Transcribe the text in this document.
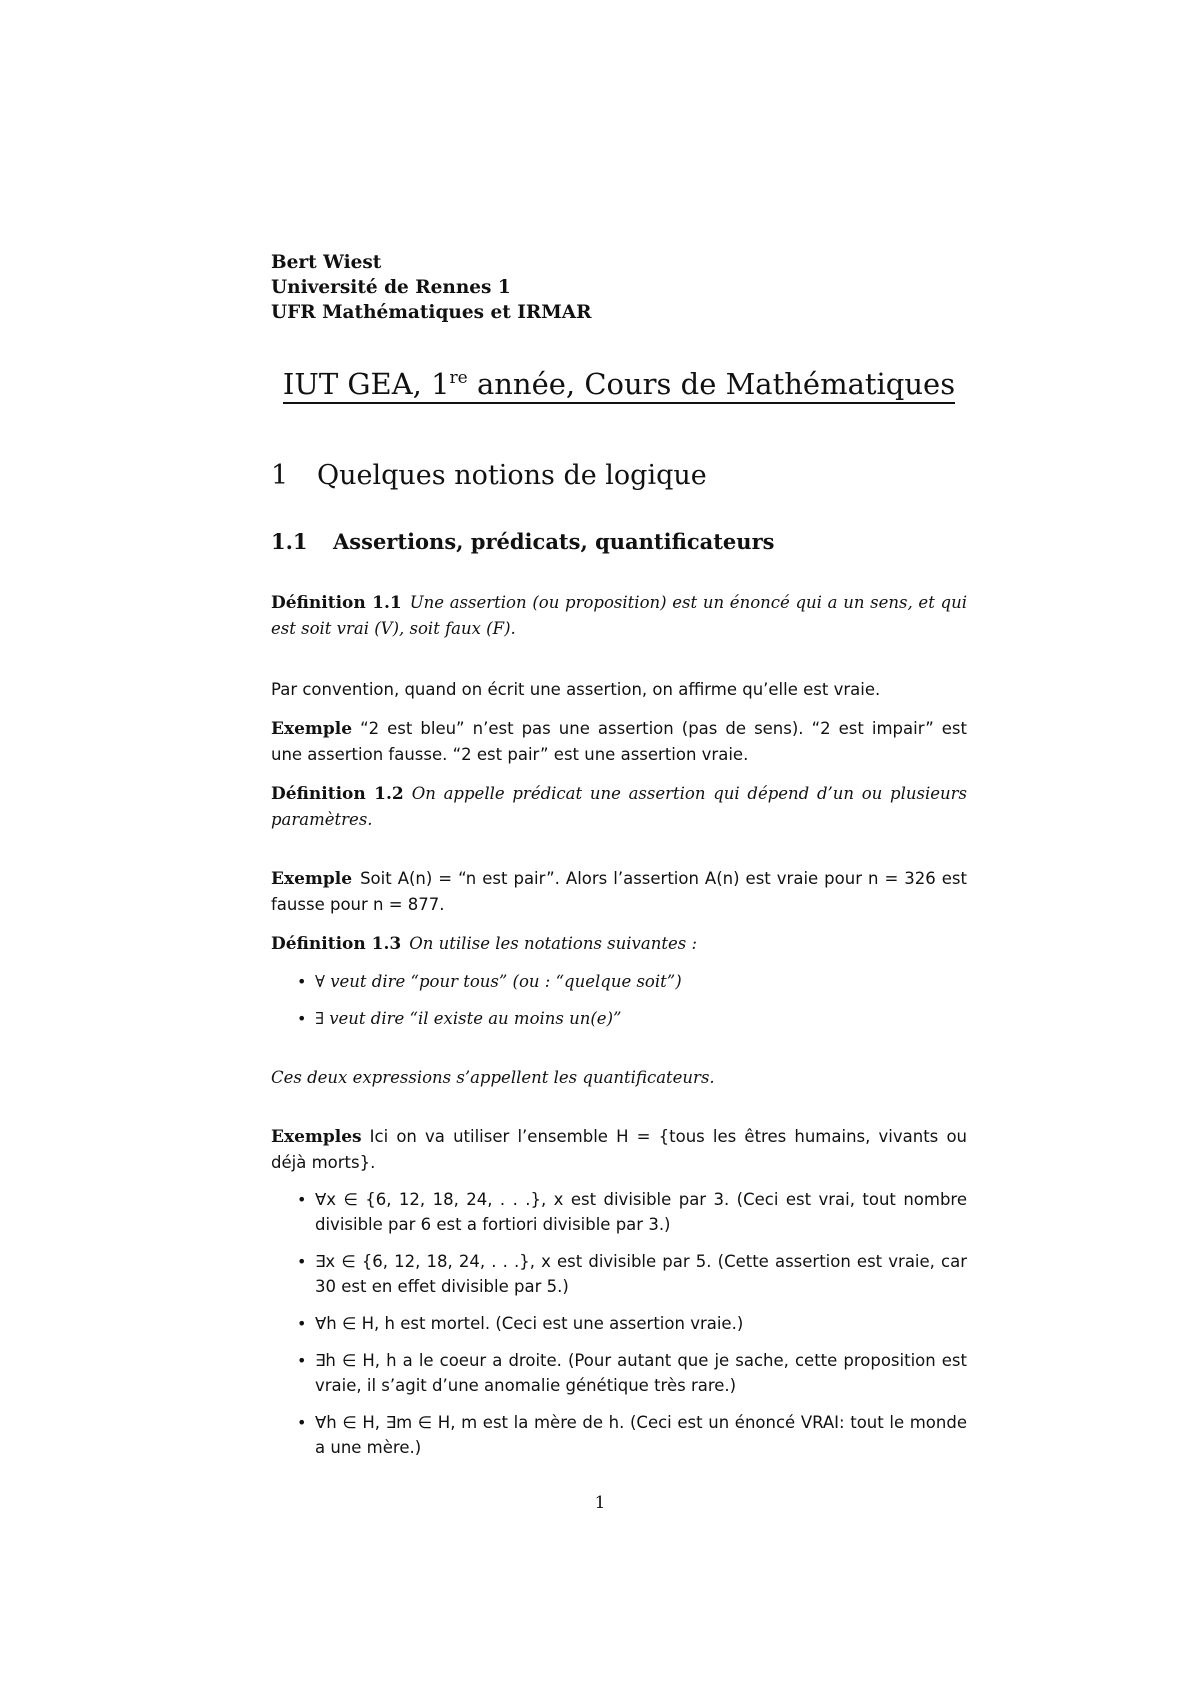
Bert Wiest
Université de Rennes 1
UFR Mathématiques et IRMAR
IUT GEA, 1re année, Cours de Mathématiques
1 Quelques notions de logique
1.1 Assertions, prédicats, quantificateurs

Définition 1.1 Une assertion (ou proposition) est un énoncé qui a un sens, et qui est soit vrai (V), soit faux (F).

Par convention, quand on écrit une assertion, on affirme qu’elle est vraie.

Exemple “2 est bleu” n’est pas une assertion (pas de sens). “2 est impair” est une assertion fausse. “2 est pair” est une assertion vraie.

Définition 1.2 On appelle prédicat une assertion qui dépend d’un ou plusieurs paramètres.

Exemple Soit A(n) = “n est pair”. Alors l’assertion A(n) est vraie pour n = 326 est fausse pour n = 877.

Définition 1.3 On utilise les notations suivantes :

• ∀ veut dire “pour tous” (ou : “quelque soit”)
• ∃ veut dire “il existe au moins un(e)”

Ces deux expressions s’appellent les quantificateurs.

Exemples Ici on va utiliser l’ensemble H = {tous les êtres humains, vivants ou déjà morts}.

• ∀x ∈ {6, 12, 18, 24, . . .}, x est divisible par 3. (Ceci est vrai, tout nombre divisible par 6 est a fortiori divisible par 3.)
• ∃x ∈ {6, 12, 18, 24, . . .}, x est divisible par 5. (Cette assertion est vraie, car 30 est en effet divisible par 5.)
• ∀h ∈ H, h est mortel. (Ceci est une assertion vraie.)
• ∃h ∈ H, h a le coeur a droite. (Pour autant que je sache, cette proposition est vraie, il s’agit d’une anomalie génétique très rare.)
• ∀h ∈ H, ∃m ∈ H, m est la mère de h. (Ceci est un énoncé VRAI: tout le monde a une mère.)
1
